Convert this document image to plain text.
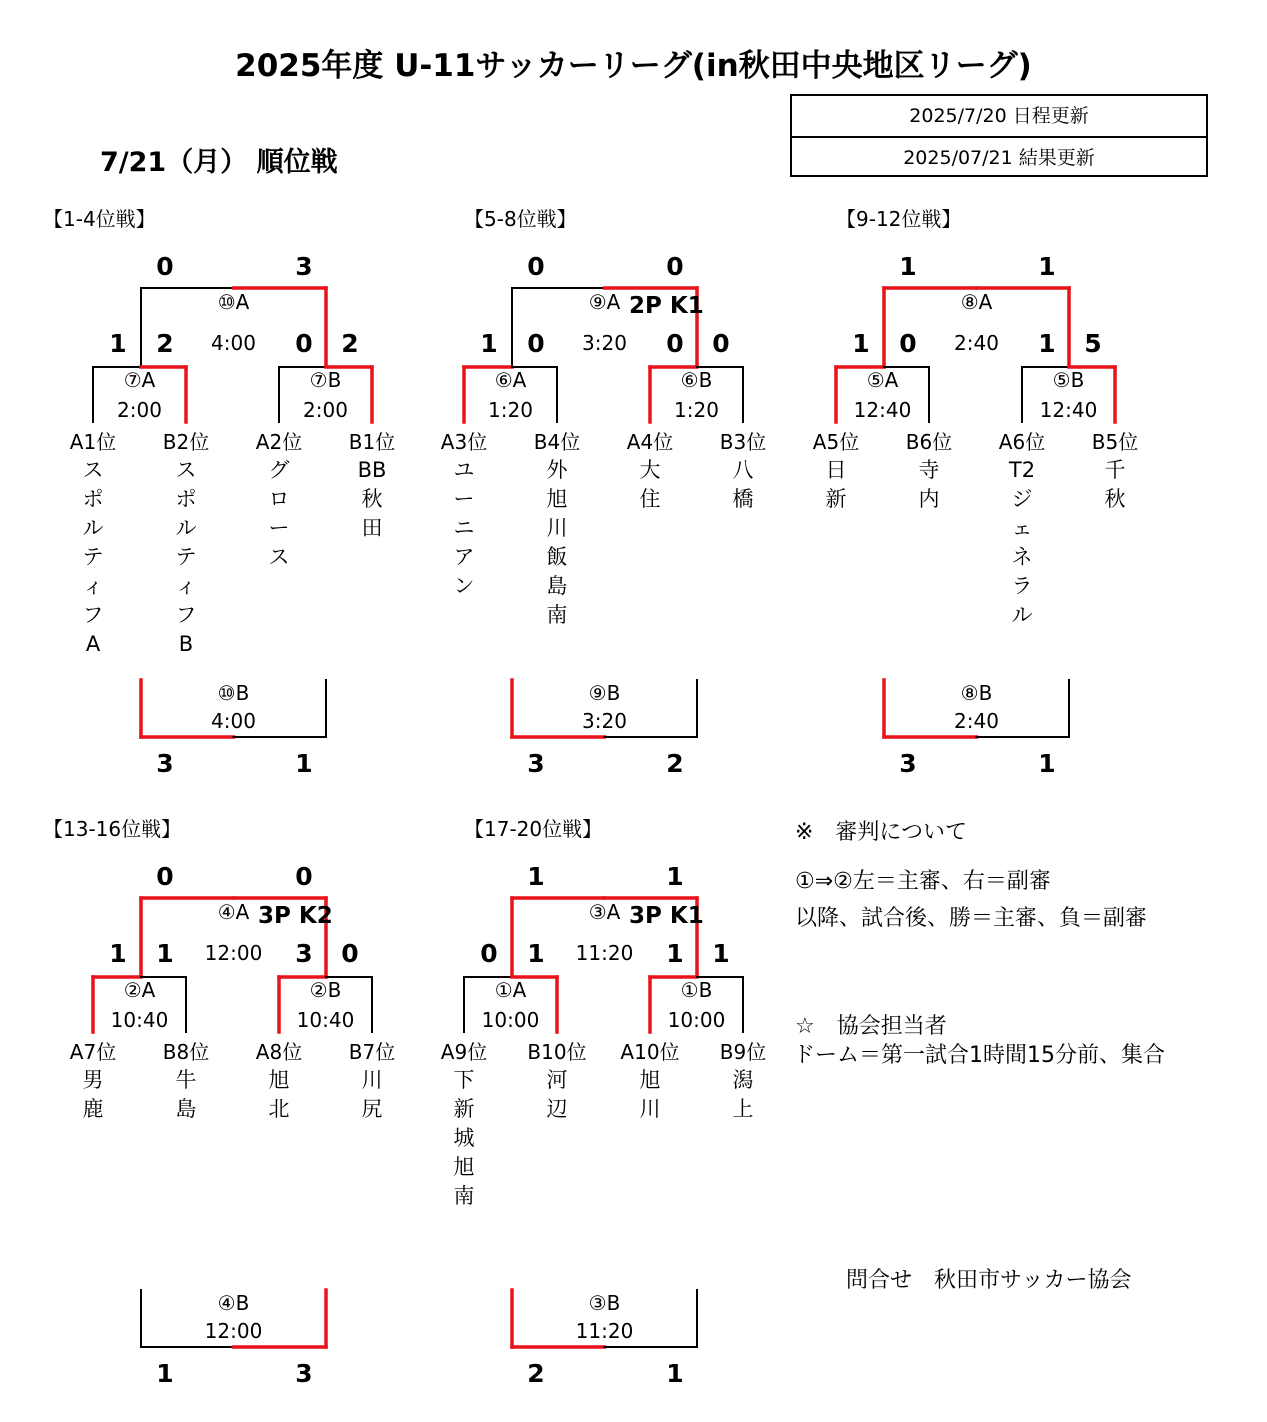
2025年度 U-11サッカーリーグ(in秋田中央地区リーグ)
2025/7/20 日程更新
2025/07/21 結果更新
7/21（月） 順位戦
【1-4位戦】
0	3
⑩A
4:00
1 2	0 2
⑦A
2:00
⑦B
2:00
A1位
スポルティフA
B2位
スポルティフB
A2位
グロース
B1位
BB秋田
⑩B
4:00
3	1
【5-8位戦】
0	0
⑨A
3:20
2P K1
1 0	0 0
⑥A
1:20
⑥B
1:20
A3位
ユーニアン
B4位
外旭川飯島南
A4位
大　住
B3位
八　橋
⑨B
3:20
3	2
【9-12位戦】
1	1
⑧A
2:40
1 0	1 5
⑤A
12:40
⑤B
12:40
A5位
日　新
B6位
寺　内
A6位
T2ジェネラル
B5位
千　秋
⑧B
2:40
3	1
【13-16位戦】
0	0
④A
12:00
3P K2
1 1	3 0
②A
10:40
②B
10:40
A7位
男　鹿
B8位
牛　島
A8位
旭　北
B7位
川　尻
④B
12:00
1	3
【17-20位戦】
1	1
③A
11:20
3P K1
0 1	1 1
①A
10:00
①B
10:00
A9位
下新城旭南
B10位
河　辺
A10位
旭　川
B9位
潟　上
③B
11:20
2	1
※　審判について
①⇒②左＝主審、右＝副審
以降、試合後、勝＝主審、負＝副審
☆　協会担当者
ドーム＝第一試合1時間15分前、集合
問合せ　秋田市サッカー協会
